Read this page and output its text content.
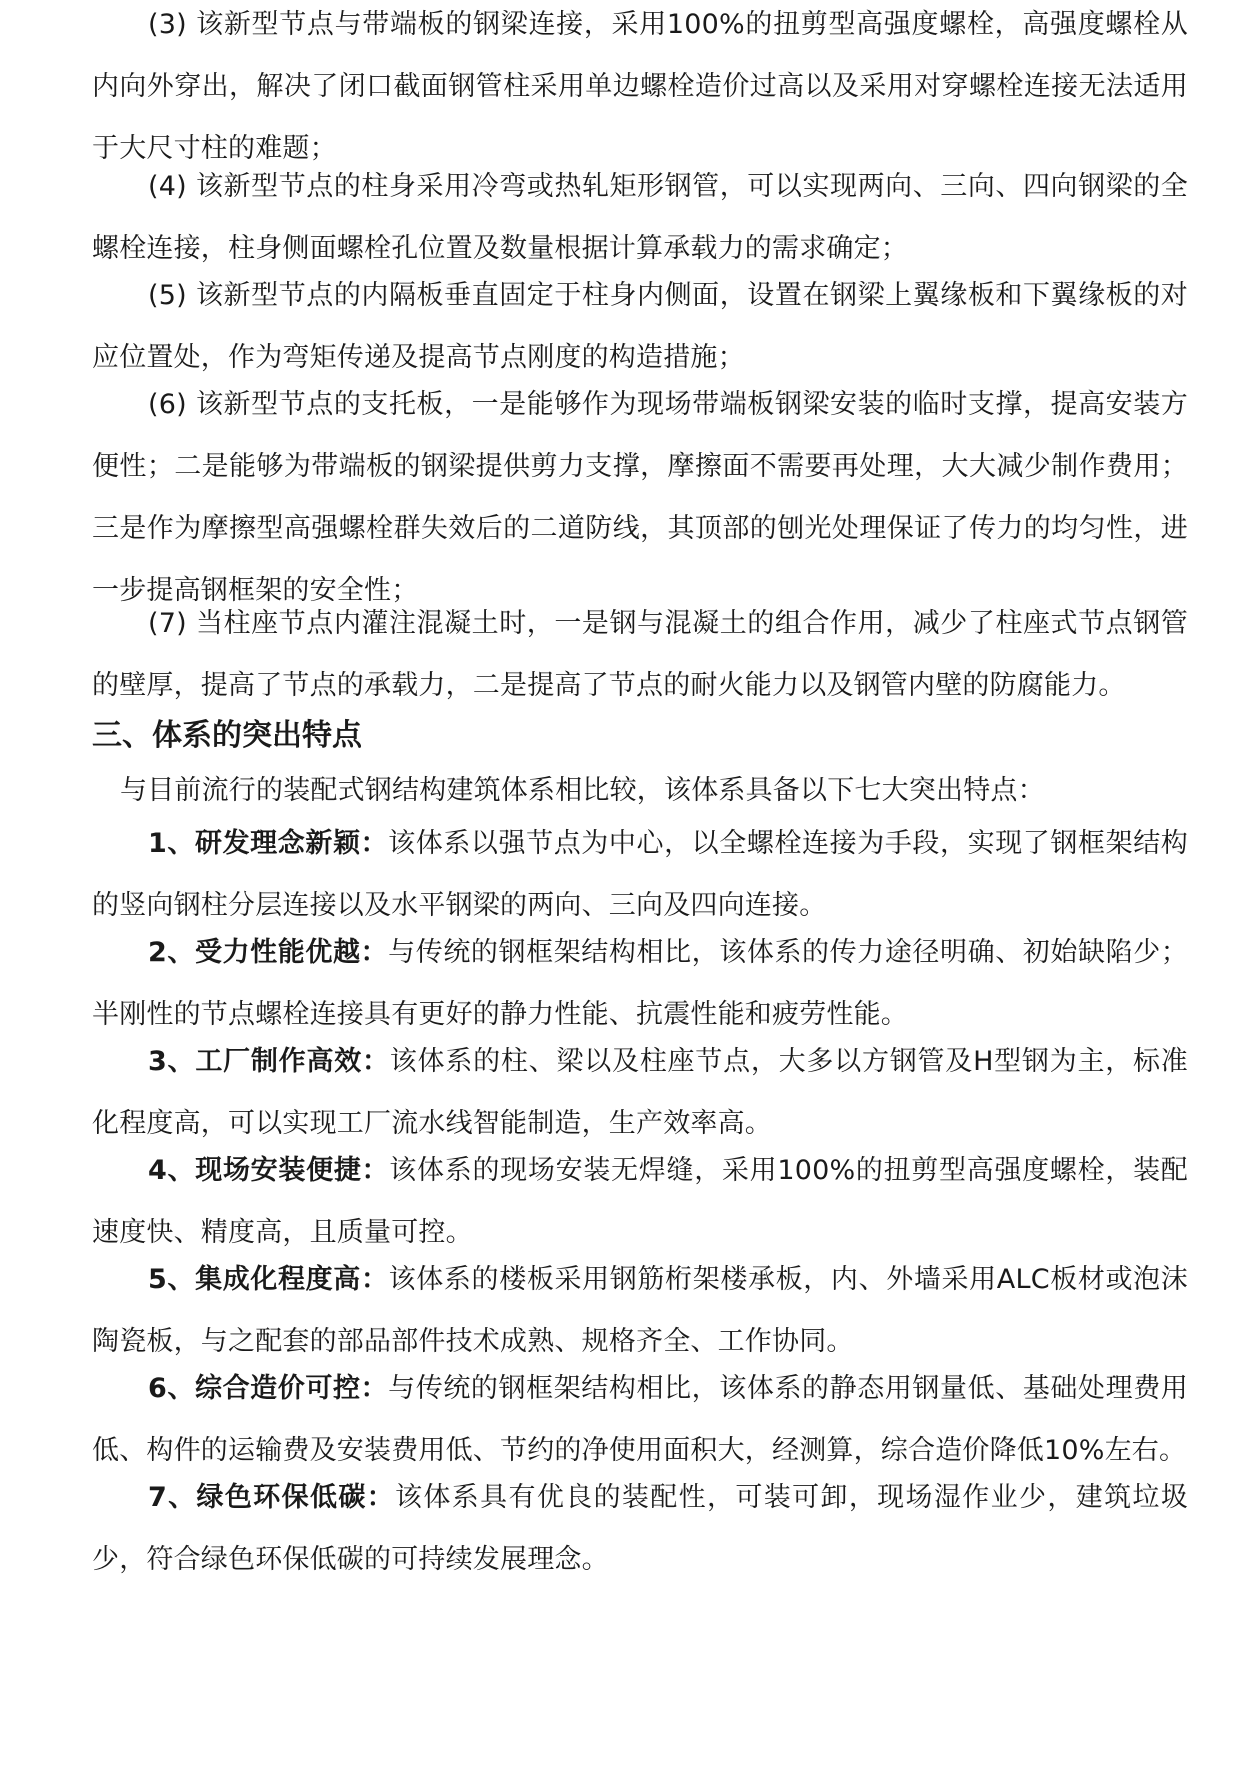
(3) 该新型节点与带端板的钢梁连接，采用100%的扭剪型高强度螺栓，高强度螺栓从内向外穿出，解决了闭口截面钢管柱采用单边螺栓造价过高以及采用对穿螺栓连接无法适用于大尺寸柱的难题；

(4) 该新型节点的柱身采用冷弯或热轧矩形钢管，可以实现两向、三向、四向钢梁的全螺栓连接，柱身侧面螺栓孔位置及数量根据计算承载力的需求确定；

(5) 该新型节点的内隔板垂直固定于柱身内侧面，设置在钢梁上翼缘板和下翼缘板的对应位置处，作为弯矩传递及提高节点刚度的构造措施；

(6) 该新型节点的支托板，一是能够作为现场带端板钢梁安装的临时支撑，提高安装方便性；二是能够为带端板的钢梁提供剪力支撑，摩擦面不需要再处理，大大减少制作费用；三是作为摩擦型高强螺栓群失效后的二道防线，其顶部的刨光处理保证了传力的均匀性，进一步提高钢框架的安全性；

(7) 当柱座节点内灌注混凝土时，一是钢与混凝土的组合作用，减少了柱座式节点钢管的壁厚，提高了节点的承载力，二是提高了节点的耐火能力以及钢管内壁的防腐能力。

三、体系的突出特点

与目前流行的装配式钢结构建筑体系相比较，该体系具备以下七大突出特点：

1、研发理念新颖：该体系以强节点为中心，以全螺栓连接为手段，实现了钢框架结构的竖向钢柱分层连接以及水平钢梁的两向、三向及四向连接。

2、受力性能优越：与传统的钢框架结构相比，该体系的传力途径明确、初始缺陷少；半刚性的节点螺栓连接具有更好的静力性能、抗震性能和疲劳性能。

3、工厂制作高效：该体系的柱、梁以及柱座节点，大多以方钢管及H型钢为主，标准化程度高，可以实现工厂流水线智能制造，生产效率高。

4、现场安装便捷：该体系的现场安装无焊缝，采用100%的扭剪型高强度螺栓，装配速度快、精度高，且质量可控。

5、集成化程度高：该体系的楼板采用钢筋桁架楼承板，内、外墙采用ALC板材或泡沫陶瓷板，与之配套的部品部件技术成熟、规格齐全、工作协同。

6、综合造价可控：与传统的钢框架结构相比，该体系的静态用钢量低、基础处理费用低、构件的运输费及安装费用低、节约的净使用面积大，经测算，综合造价降低10%左右。

7、绿色环保低碳：该体系具有优良的装配性，可装可卸，现场湿作业少，建筑垃圾少，符合绿色环保低碳的可持续发展理念。
